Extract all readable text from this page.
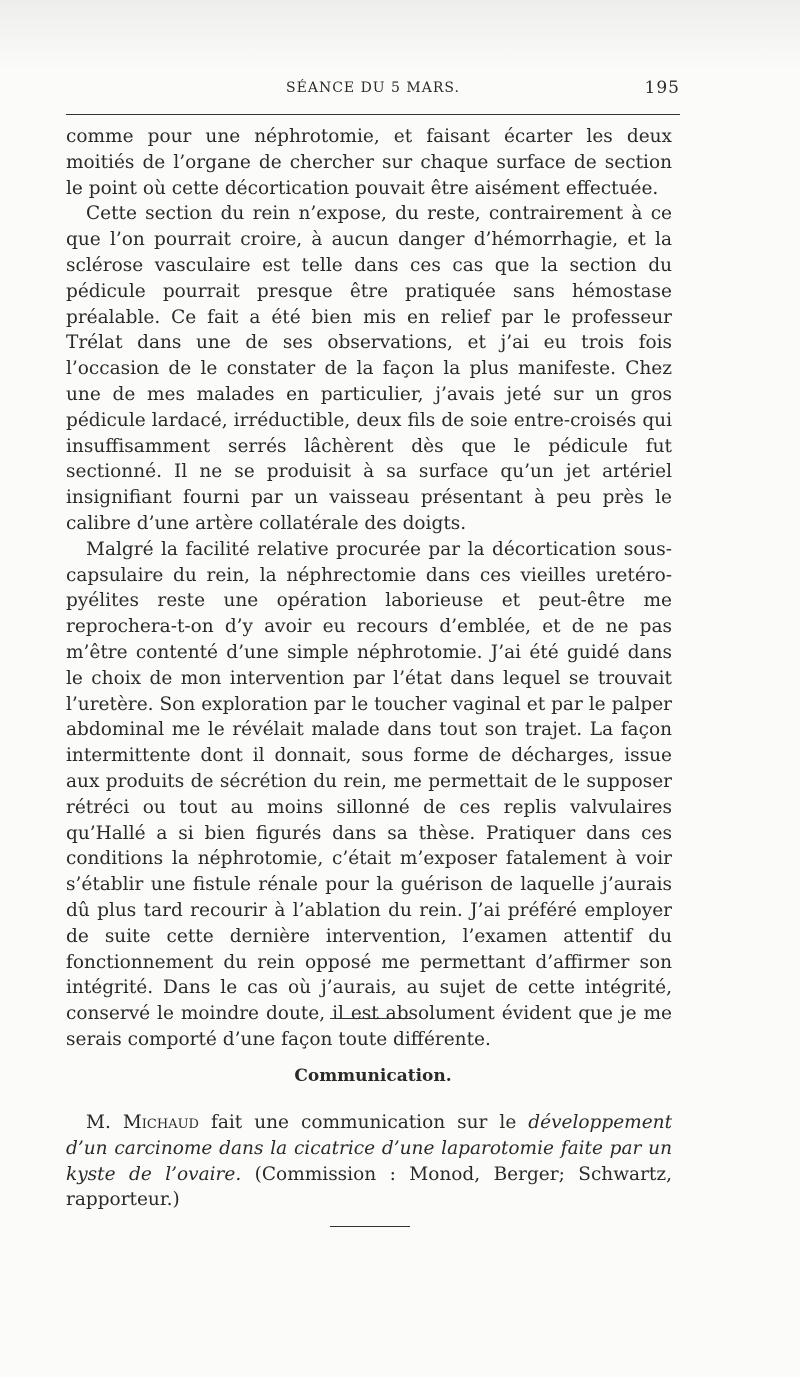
SÉANCE DU 5 MARS.	195

comme pour une néphrotomie, et faisant écarter les deux moitiés de l’organe de chercher sur chaque surface de section le point où cette décortication pouvait être aisément effectuée.

Cette section du rein n’expose, du reste, contrairement à ce que l’on pourrait croire, à aucun danger d’hémorrhagie, et la sclérose vasculaire est telle dans ces cas que la section du pédicule pourrait presque être pratiquée sans hémostase préalable. Ce fait a été bien mis en relief par le professeur Trélat dans une de ses observations, et j’ai eu trois fois l’occasion de le constater de la façon la plus manifeste. Chez une de mes malades en particulier, j’avais jeté sur un gros pédicule lardacé, irréductible, deux fils de soie entre-croisés qui insuffisamment serrés lâchèrent dès que le pédicule fut sectionné. Il ne se produisit à sa surface qu’un jet artériel insignifiant fourni par un vaisseau présentant à peu près le calibre d’une artère collatérale des doigts.

Malgré la facilité relative procurée par la décortication sous-capsulaire du rein, la néphrectomie dans ces vieilles uretéro-pyélites reste une opération laborieuse et peut-être me reprochera-t-on d’y avoir eu recours d’emblée, et de ne pas m’être contenté d’une simple néphrotomie. J’ai été guidé dans le choix de mon intervention par l’état dans lequel se trouvait l’uretère. Son exploration par le toucher vaginal et par le palper abdominal me le révélait malade dans tout son trajet. La façon intermittente dont il donnait, sous forme de décharges, issue aux produits de sécrétion du rein, me permettait de le supposer rétréci ou tout au moins sillonné de ces replis valvulaires qu’Hallé a si bien figurés dans sa thèse. Pratiquer dans ces conditions la néphrotomie, c’était m’exposer fatalement à voir s’établir une fistule rénale pour la guérison de laquelle j’aurais dû plus tard recourir à l’ablation du rein. J’ai préféré employer de suite cette dernière intervention, l’examen attentif du fonctionnement du rein opposé me permettant d’affirmer son intégrité. Dans le cas où j’aurais, au sujet de cette intégrité, conservé le moindre doute, il est absolument évident que je me serais comporté d’une façon toute différente.

Communication.

M. Michaud fait une communication sur le développement d’un carcinome dans la cicatrice d’une laparotomie faite par un kyste de l’ovaire. (Commission : Monod, Berger; Schwartz, rapporteur.)
